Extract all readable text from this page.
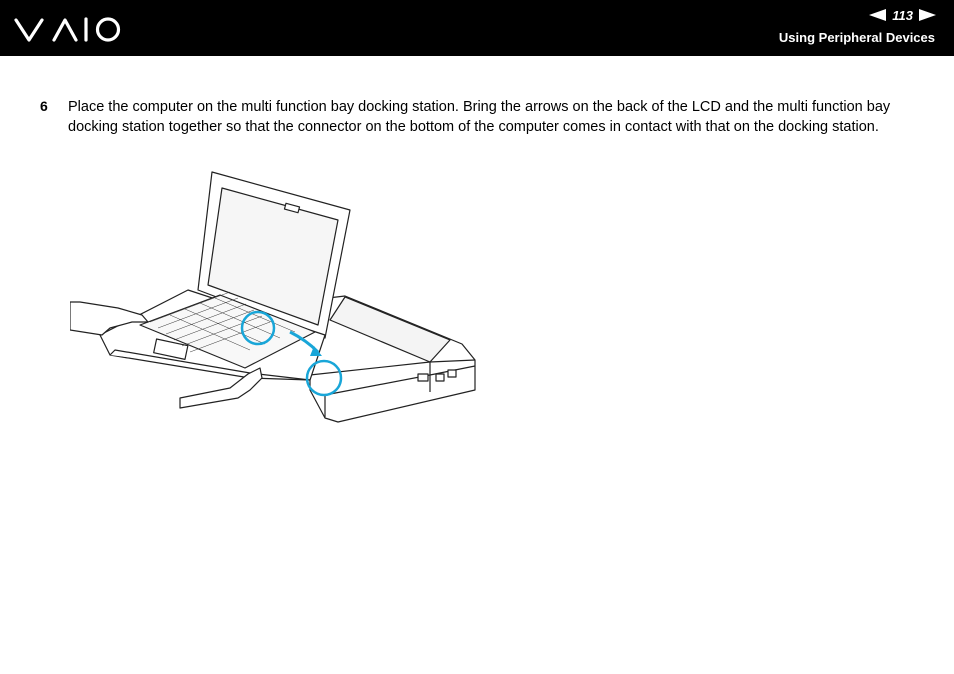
113
Using Peripheral Devices
6 Place the computer on the multi function bay docking station. Bring the arrows on the back of the LCD and the multi function bay docking station together so that the connector on the bottom of the computer comes in contact with that on the docking station.
